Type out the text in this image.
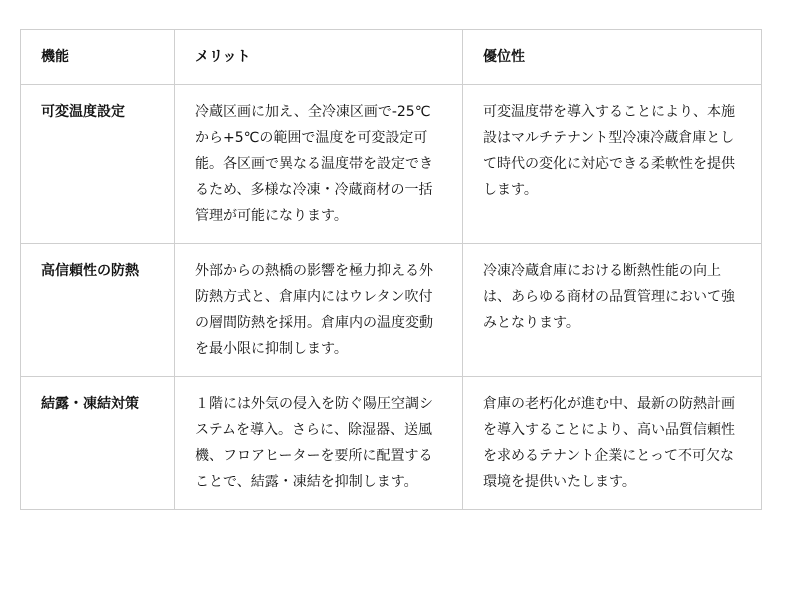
機能	メリット	優位性
可変温度設定	冷蔵区画に加え、全冷凍区画で-25℃から+5℃の範囲で温度を可変設定可能。各区画で異なる温度帯を設定できるため、多様な冷凍・冷蔵商材の一括管理が可能になります。	可変温度帯を導入することにより、本施設はマルチテナント型冷凍冷蔵倉庫として時代の変化に対応できる柔軟性を提供します。
高信頼性の防熱	外部からの熱橋の影響を極力抑える外防熱方式と、倉庫内にはウレタン吹付の層間防熱を採用。倉庫内の温度変動を最小限に抑制します。	冷凍冷蔵倉庫における断熱性能の向上は、あらゆる商材の品質管理において強みとなります。
結露・凍結対策	１階には外気の侵入を防ぐ陽圧空調システムを導入。さらに、除湿器、送風機、フロアヒーターを要所に配置することで、結露・凍結を抑制します。	倉庫の老朽化が進む中、最新の防熱計画を導入することにより、高い品質信頼性を求めるテナント企業にとって不可欠な環境を提供いたします。
